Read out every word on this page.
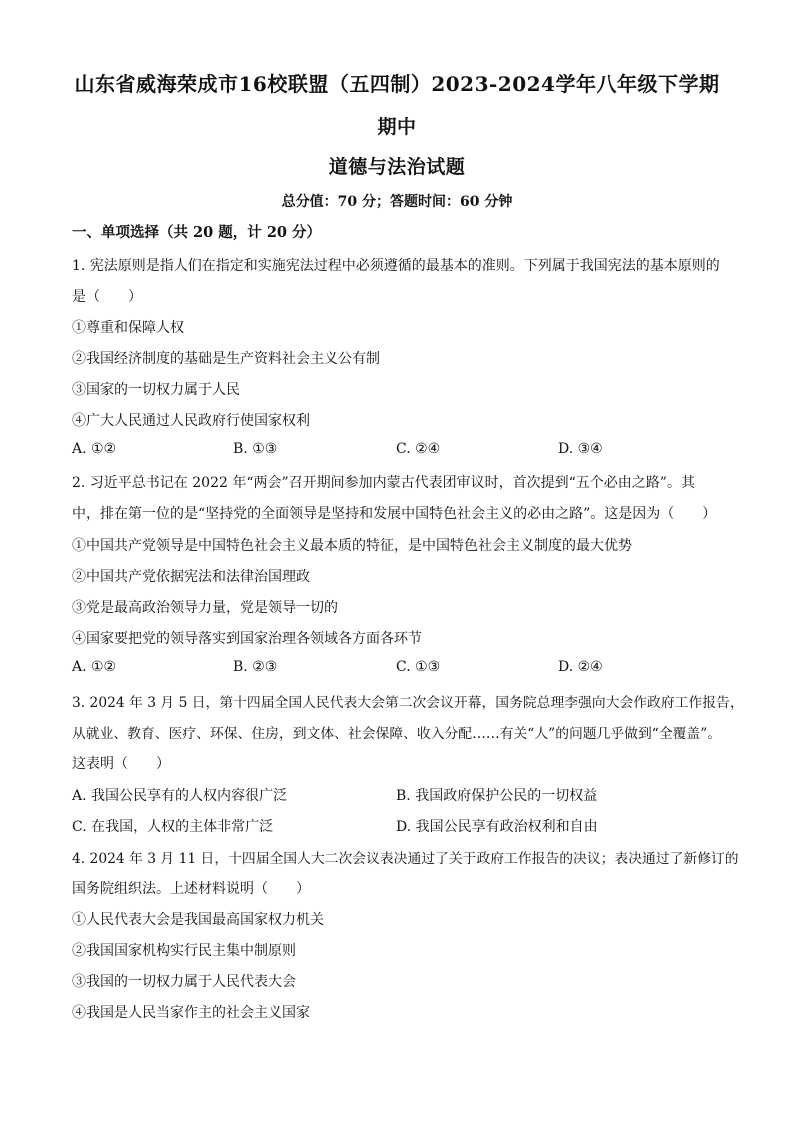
山东省威海荣成市16校联盟（五四制）2023-2024学年八年级下学期
期中
道德与法治试题
总分值：70 分；答题时间：60 分钟
一、单项选择（共 20 题，计 20 分）
1. 宪法原则是指人们在指定和实施宪法过程中必须遵循的最基本的准则。下列属于我国宪法的基本原则的
是（　　）
①尊重和保障人权
②我国经济制度的基础是生产资料社会主义公有制
③国家的一切权力属于人民
④广大人民通过人民政府行使国家权利
A. ①②	B. ①③	C. ②④	D. ③④
2. 习近平总书记在 2022 年“两会”召开期间参加内蒙古代表团审议时，首次提到“五个必由之路”。其
中，排在第一位的是“坚持党的全面领导是坚持和发展中国特色社会主义的必由之路”。这是因为（　　）
①中国共产党领导是中国特色社会主义最本质的特征，是中国特色社会主义制度的最大优势
②中国共产党依据宪法和法律治国理政
③党是最高政治领导力量，党是领导一切的
④国家要把党的领导落实到国家治理各领域各方面各环节
A. ①②	B. ②③	C. ①③	D. ②④
3. 2024 年 3 月 5 日，第十四届全国人民代表大会第二次会议开幕，国务院总理李强向大会作政府工作报告，
从就业、教育、医疗、环保、住房，到文体、社会保障、收入分配……有关“人”的问题几乎做到“全覆盖”。
这表明（　　）
A. 我国公民享有的人权内容很广泛	B. 我国政府保护公民的一切权益
C. 在我国，人权的主体非常广泛	D. 我国公民享有政治权利和自由
4. 2024 年 3 月 11 日，十四届全国人大二次会议表决通过了关于政府工作报告的决议；表决通过了新修订的
国务院组织法。上述材料说明（　　）
①人民代表大会是我国最高国家权力机关
②我国国家机构实行民主集中制原则
③我国的一切权力属于人民代表大会
④我国是人民当家作主的社会主义国家
